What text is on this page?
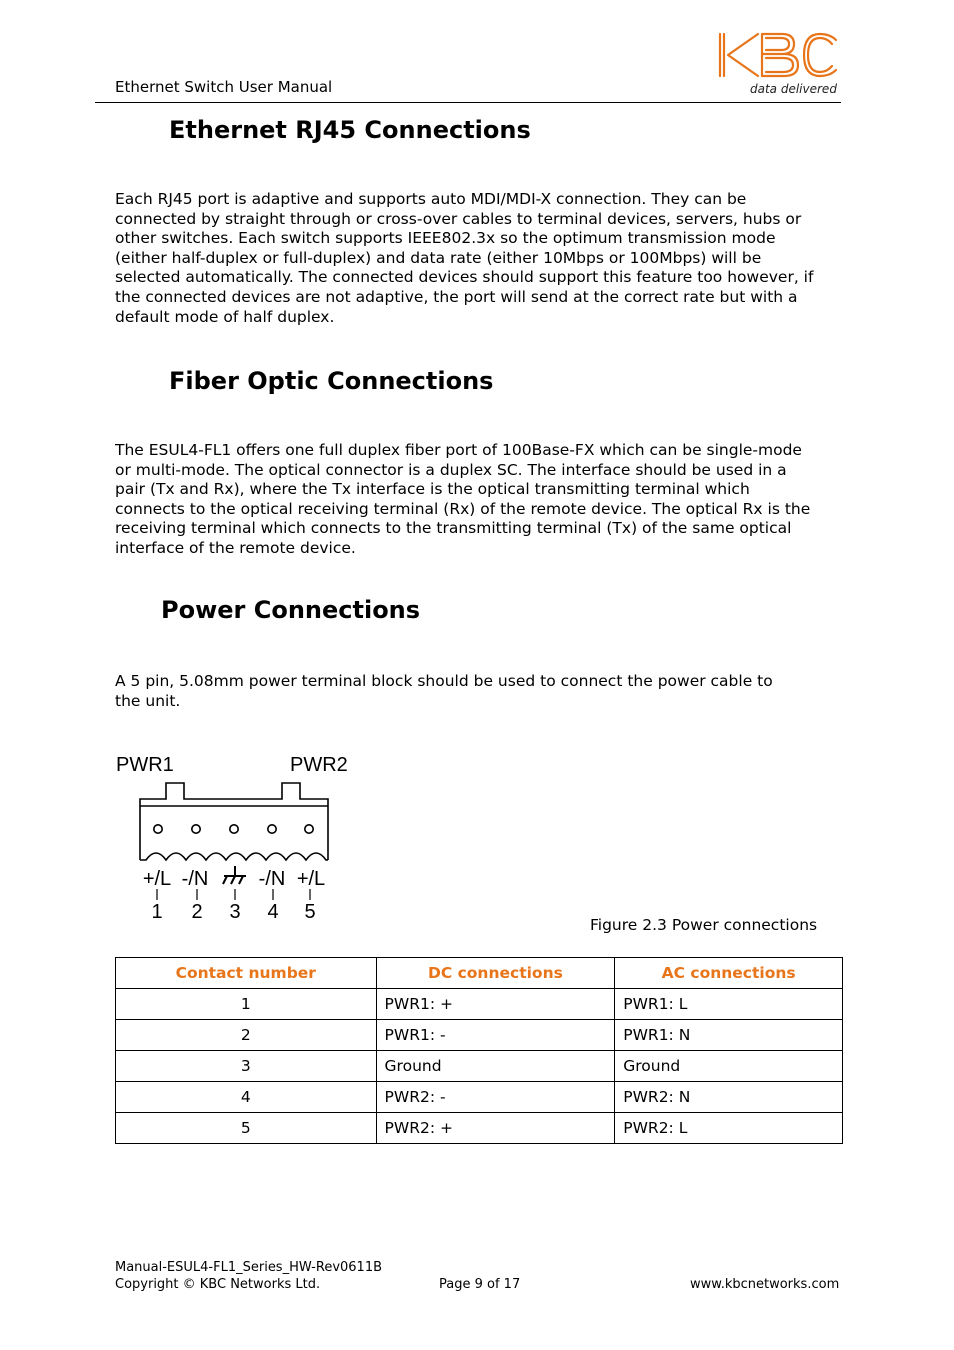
Ethernet Switch User Manual	data delivered
Ethernet RJ45 Connections
Each RJ45 port is adaptive and supports auto MDI/MDI-X connection. They can be
connected by straight through or cross-over cables to terminal devices, servers, hubs or
other switches. Each switch supports IEEE802.3x so the optimum transmission mode
(either half-duplex or full-duplex) and data rate (either 10Mbps or 100Mbps) will be
selected automatically. The connected devices should support this feature too however, if
the connected devices are not adaptive, the port will send at the correct rate but with a
default mode of half duplex.
Fiber Optic Connections
The ESUL4-FL1 offers one full duplex fiber port of 100Base-FX which can be single-mode
or multi-mode. The optical connector is a duplex SC. The interface should be used in a
pair (Tx and Rx), where the Tx interface is the optical transmitting terminal which
connects to the optical receiving terminal (Rx) of the remote device. The optical Rx is the
receiving terminal which connects to the transmitting terminal (Tx) of the same optical
interface of the remote device.
Power Connections
A 5 pin, 5.08mm power terminal block should be used to connect the power cable to
the unit.
PWR1	PWR2
+/L -/N	-/N +/L
1 2 3 4 5
Figure 2.3 Power connections
Contact number	DC connections	AC connections
1	PWR1: +	PWR1: L
2	PWR1: -	PWR1: N
3	Ground	Ground
4	PWR2: -	PWR2: N
5	PWR2: +	PWR2: L
Manual-ESUL4-FL1_Series_HW-Rev0611B
Copyright © KBC Networks Ltd.	Page 9 of 17	www.kbcnetworks.com
